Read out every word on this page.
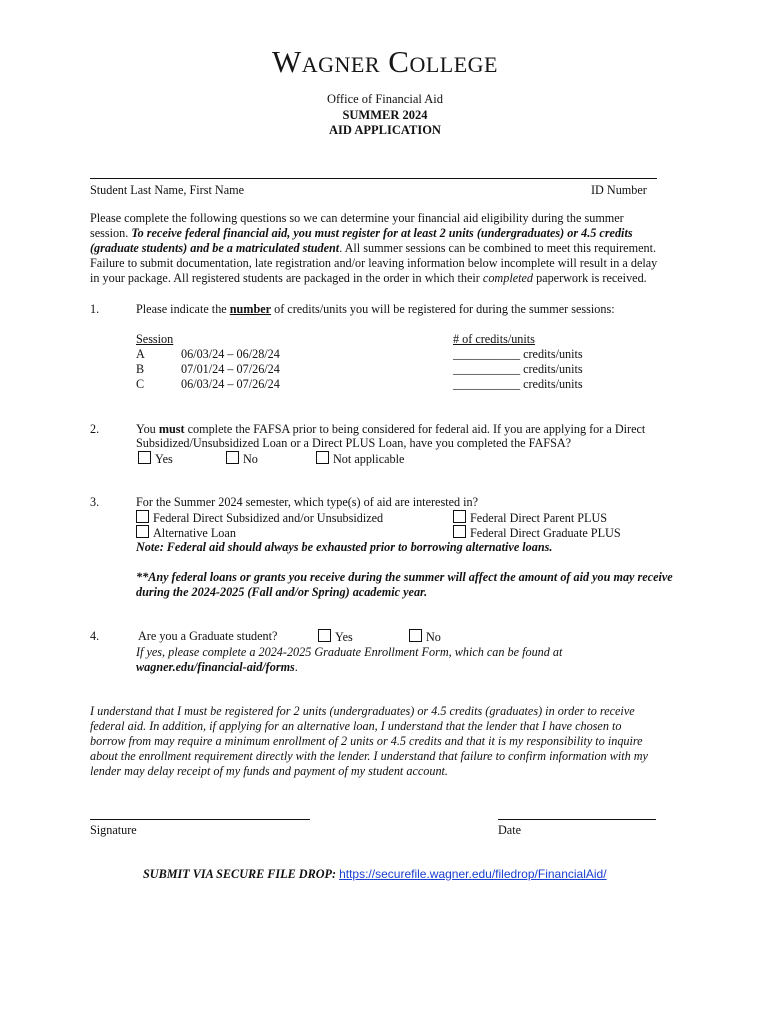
Wagner College
Office of Financial Aid
SUMMER 2024
AID APPLICATION
Student Last Name, First Name	ID Number
Please complete the following questions so we can determine your financial aid eligibility during the summer
session. To receive federal financial aid, you must register for at least 2 units (undergraduates) or 4.5 credits
(graduate students) and be a matriculated student. All summer sessions can be combined to meet this requirement.
Failure to submit documentation, late registration and/or leaving information below incomplete will result in a delay
in your package. All registered students are packaged in the order in which their completed paperwork is received.
1.	Please indicate the number of credits/units you will be registered for during the summer sessions:
Session	# of credits/units
A	06/03/24 – 06/28/24	___________ credits/units
B	07/01/24 – 07/26/24	___________ credits/units
C	06/03/24 – 07/26/24	___________ credits/units
2.	You must complete the FAFSA prior to being considered for federal aid. If you are applying for a Direct
Subsidized/Unsubsidized Loan or a Direct PLUS Loan, have you completed the FAFSA?
Yes	No	Not applicable
3.	For the Summer 2024 semester, which type(s) of aid are interested in?
Federal Direct Subsidized and/or Unsubsidized
Alternative Loan
Federal Direct Parent PLUS
Federal Direct Graduate PLUS
Note: Federal aid should always be exhausted prior to borrowing alternative loans.
**Any federal loans or grants you receive during the summer will affect the amount of aid you may receive
during the 2024-2025 (Fall and/or Spring) academic year.
4.	Are you a Graduate student?	Yes	No
If yes, please complete a 2024-2025 Graduate Enrollment Form, which can be found at
wagner.edu/financial-aid/forms.
I understand that I must be registered for 2 units (undergraduates) or 4.5 credits (graduates) in order to receive
federal aid. In addition, if applying for an alternative loan, I understand that the lender that I have chosen to
borrow from may require a minimum enrollment of 2 units or 4.5 credits and that it is my responsibility to inquire
about the enrollment requirement directly with the lender. I understand that failure to confirm information with my
lender may delay receipt of my funds and payment of my student account.
Signature	Date
SUBMIT VIA SECURE FILE DROP: https://securefile.wagner.edu/filedrop/FinancialAid/
